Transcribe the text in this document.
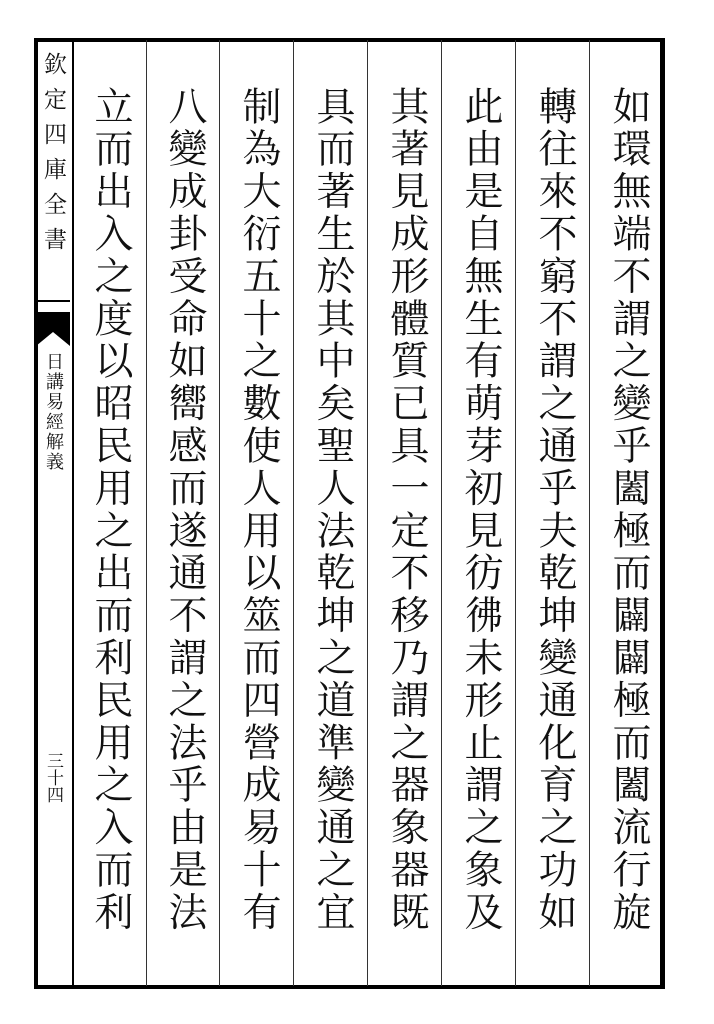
欽定四庫全書
日講易經解義
三十四	如環無端不謂之變乎闔極而闢闢極而闔流行旋
轉往來不窮不謂之通乎夫乾坤變通化育之功如
此由是自無生有萌芽初見彷彿未形止謂之象及
其著見成形體質已具一定不移乃謂之器象器既
具而著生於其中矣聖人法乾坤之道準變通之宜
制為大衍五十之數使人用以筮而四營成易十有
八變成卦受命如嚮感而遂通不謂之法乎由是法
立而出入之度以昭民用之出而利民用之入而利
